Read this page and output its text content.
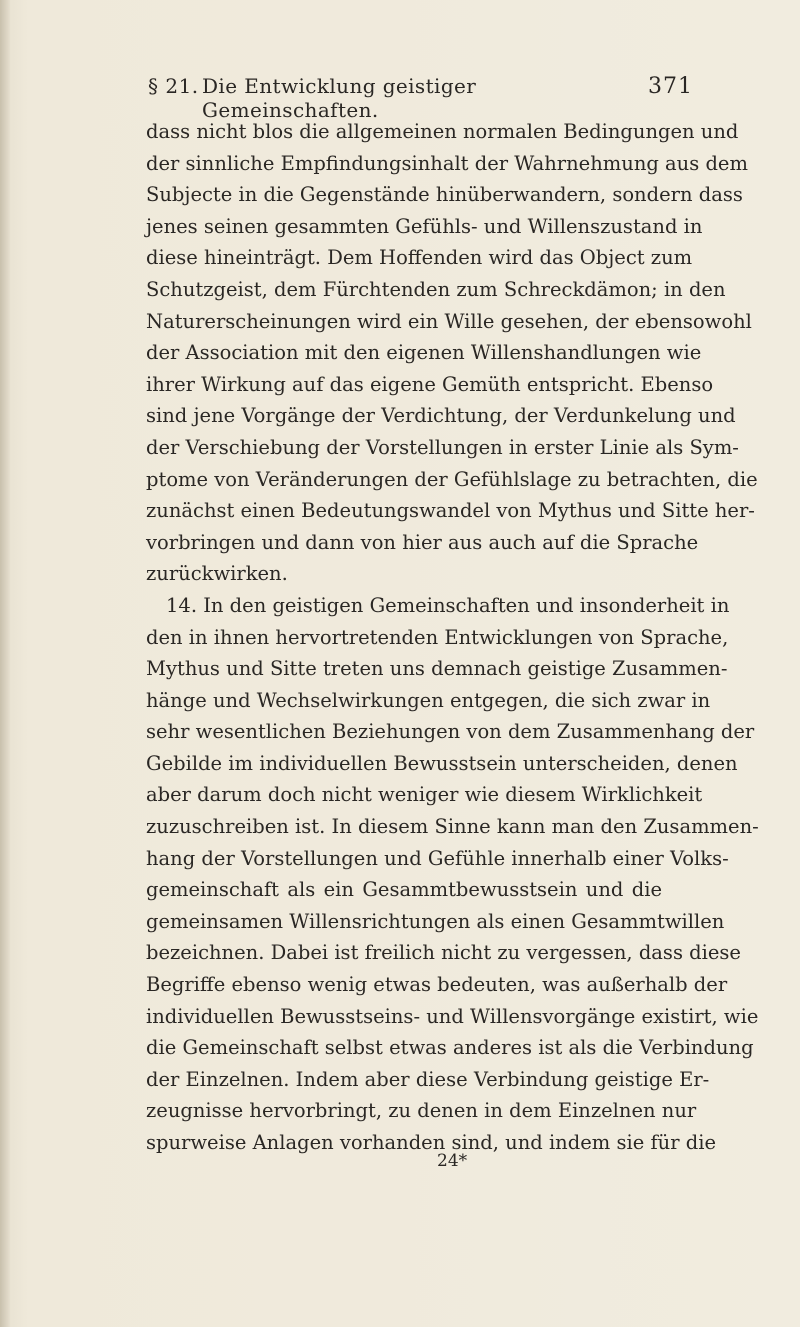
§ 21. Die Entwicklung geistiger Gemeinschaften.
371
dass nicht blos die allgemeinen normalen Bedingungen und
der sinnliche Empfindungsinhalt der Wahrnehmung aus dem
Subjecte in die Gegenstände hinüberwandern, sondern dass
jenes seinen gesammten Gefühls- und Willenszustand in
diese hineinträgt. Dem Hoffenden wird das Object zum
Schutzgeist, dem Fürchtenden zum Schreckdämon; in den
Naturerscheinungen wird ein Wille gesehen, der ebensowohl
der Association mit den eigenen Willenshandlungen wie
ihrer Wirkung auf das eigene Gemüth entspricht. Ebenso
sind jene Vorgänge der Verdichtung, der Verdunkelung und
der Verschiebung der Vorstellungen in erster Linie als Sym-
ptome von Veränderungen der Gefühlslage zu betrachten, die
zunächst einen Bedeutungswandel von Mythus und Sitte her-
vorbringen und dann von hier aus auch auf die Sprache
zurückwirken.
14. In den geistigen Gemeinschaften und insonderheit in
den in ihnen hervortretenden Entwicklungen von Sprache,
Mythus und Sitte treten uns demnach geistige Zusammen-
hänge und Wechselwirkungen entgegen, die sich zwar in
sehr wesentlichen Beziehungen von dem Zusammenhang der
Gebilde im individuellen Bewusstsein unterscheiden, denen
aber darum doch nicht weniger wie diesem Wirklichkeit
zuzuschreiben ist. In diesem Sinne kann man den Zusammen-
hang der Vorstellungen und Gefühle innerhalb einer Volks-
gemeinschaft als ein Gesammtbewusstsein und die
gemeinsamen Willensrichtungen als einen Gesammtwillen
bezeichnen. Dabei ist freilich nicht zu vergessen, dass diese
Begriffe ebenso wenig etwas bedeuten, was außerhalb der
individuellen Bewusstseins- und Willensvorgänge existirt, wie
die Gemeinschaft selbst etwas anderes ist als die Verbindung
der Einzelnen. Indem aber diese Verbindung geistige Er-
zeugnisse hervorbringt, zu denen in dem Einzelnen nur
spurweise Anlagen vorhanden sind, und indem sie für die
24*
